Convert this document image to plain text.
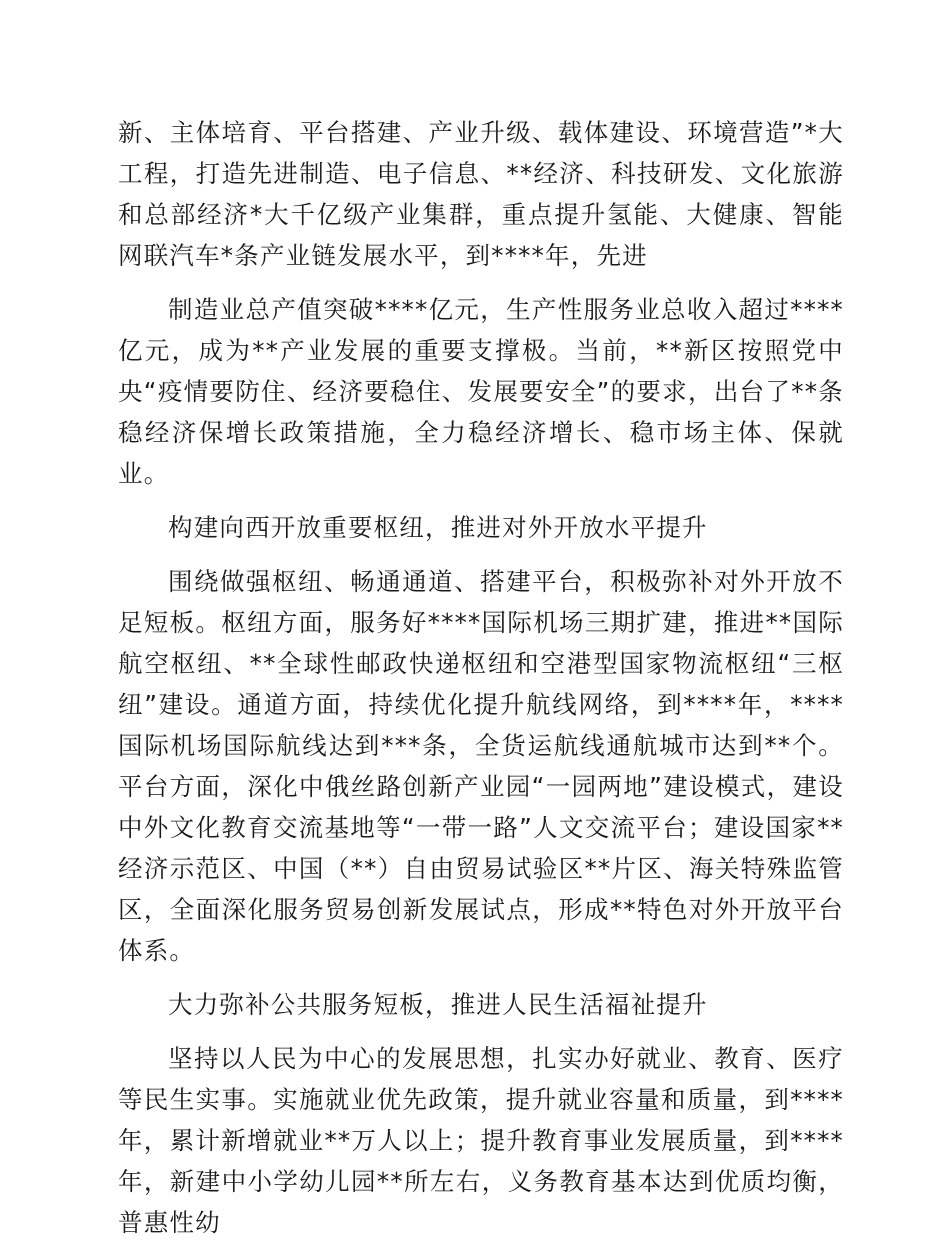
新、主体培育、平台搭建、产业升级、载体建设、环境营造”*大工程，打造先进制造、电子信息、**经济、科技研发、文化旅游和总部经济*大千亿级产业集群，重点提升氢能、大健康、智能网联汽车*条产业链发展水平，到****年，先进

制造业总产值突破****亿元，生产性服务业总收入超过****亿元，成为**产业发展的重要支撑极。当前，**新区按照党中央“疫情要防住、经济要稳住、发展要安全”的要求，出台了**条稳经济保增长政策措施，全力稳经济增长、稳市场主体、保就业。

构建向西开放重要枢纽，推进对外开放水平提升

围绕做强枢纽、畅通通道、搭建平台，积极弥补对外开放不足短板。枢纽方面，服务好****国际机场三期扩建，推进**国际航空枢纽、**全球性邮政快递枢纽和空港型国家物流枢纽“三枢纽”建设。通道方面，持续优化提升航线网络，到****年，****国际机场国际航线达到***条，全货运航线通航城市达到**个。平台方面，深化中俄丝路创新产业园“一园两地”建设模式，建设中外文化教育交流基地等“一带一路”人文交流平台；建设国家**经济示范区、中国（**）自由贸易试验区**片区、海关特殊监管区，全面深化服务贸易创新发展试点，形成**特色对外开放平台体系。

大力弥补公共服务短板，推进人民生活福祉提升

坚持以人民为中心的发展思想，扎实办好就业、教育、医疗等民生实事。实施就业优先政策，提升就业容量和质量，到****年，累计新增就业**万人以上；提升教育事业发展质量，到****年，新建中小学幼儿园**所左右，义务教育基本达到优质均衡，普惠性幼
